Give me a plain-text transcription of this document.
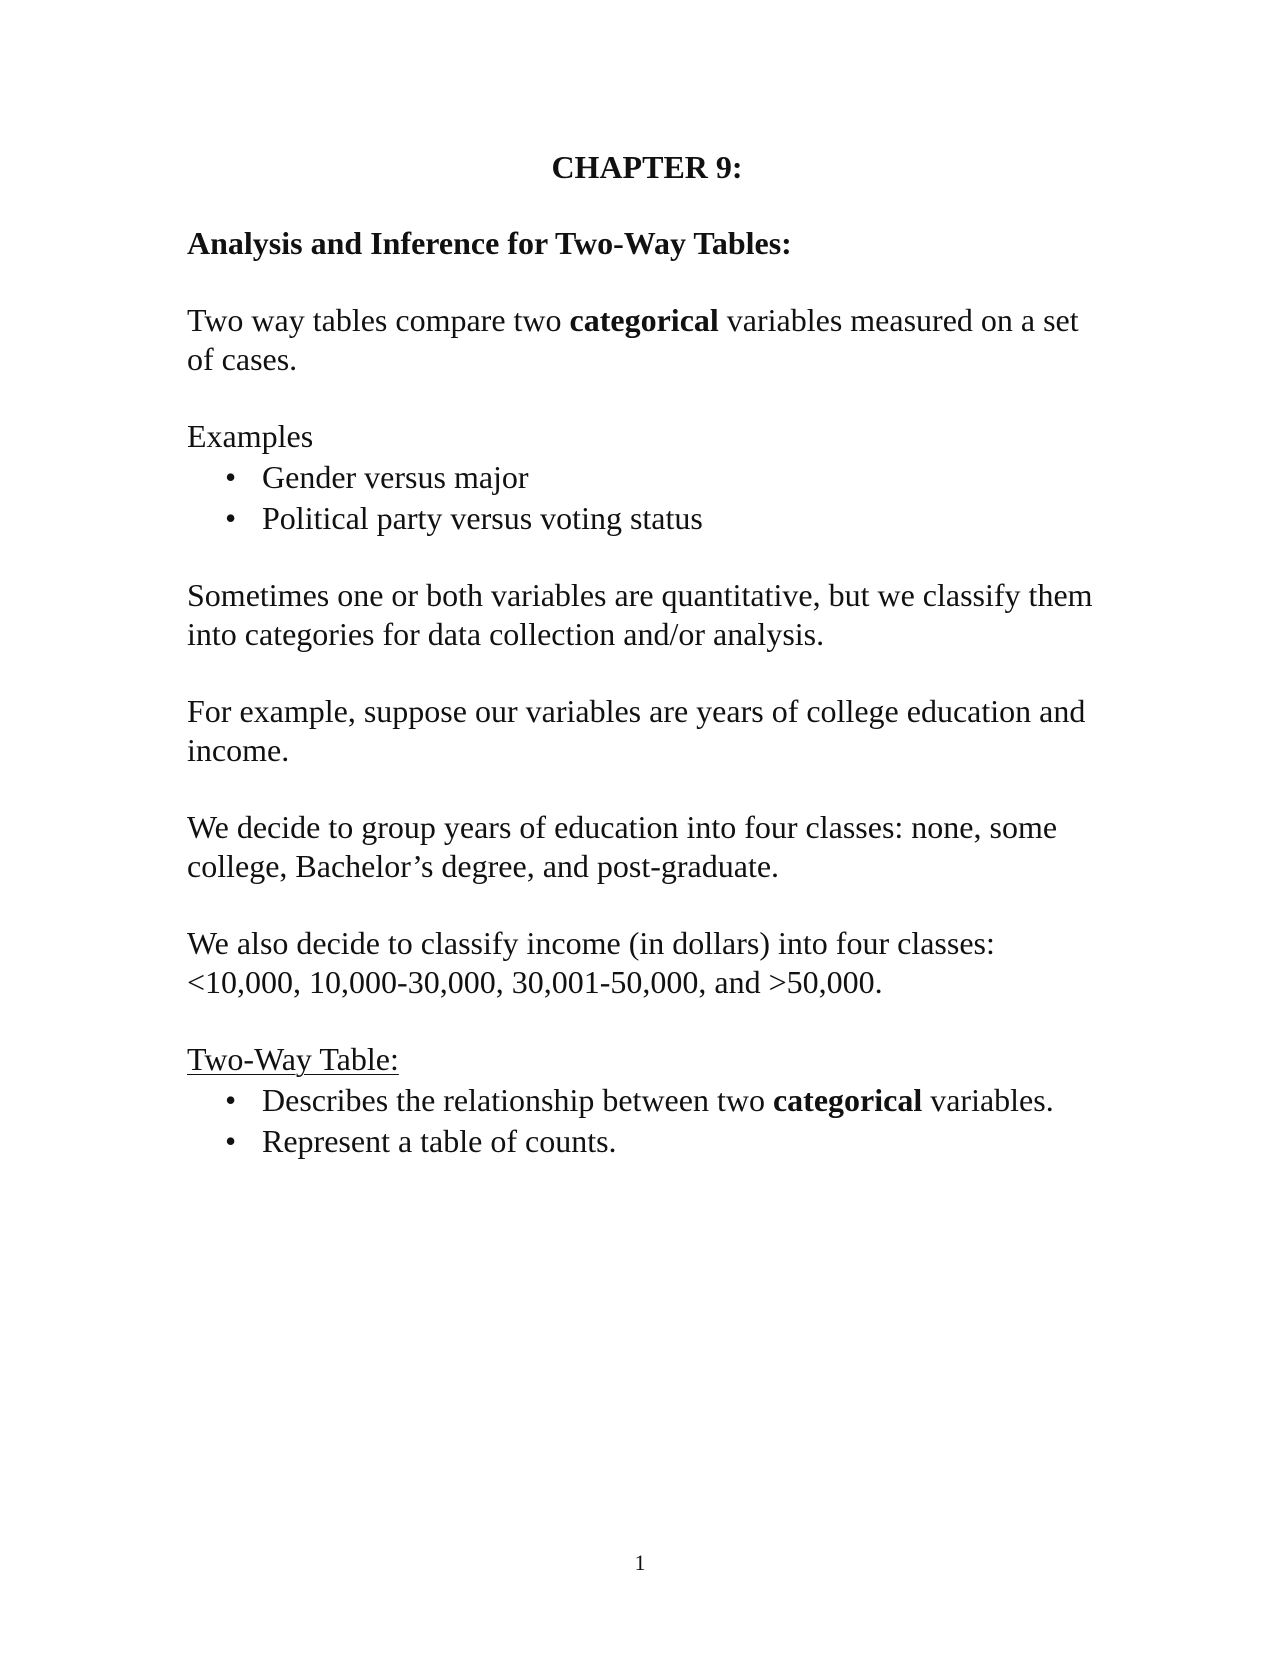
CHAPTER 9:

Analysis and Inference for Two-Way Tables:

Two way tables compare two categorical variables measured on a set of cases.

Examples

• Gender versus major
• Political party versus voting status

Sometimes one or both variables are quantitative, but we classify them into categories for data collection and/or analysis.

For example, suppose our variables are years of college education and income.

We decide to group years of education into four classes: none, some college, Bachelor’s degree, and post-graduate.

We also decide to classify income (in dollars) into four classes: <10,000, 10,000-30,000, 30,001-50,000, and >50,000.

Two-Way Table:

• Describes the relationship between two categorical variables.
• Represent a table of counts.
1
